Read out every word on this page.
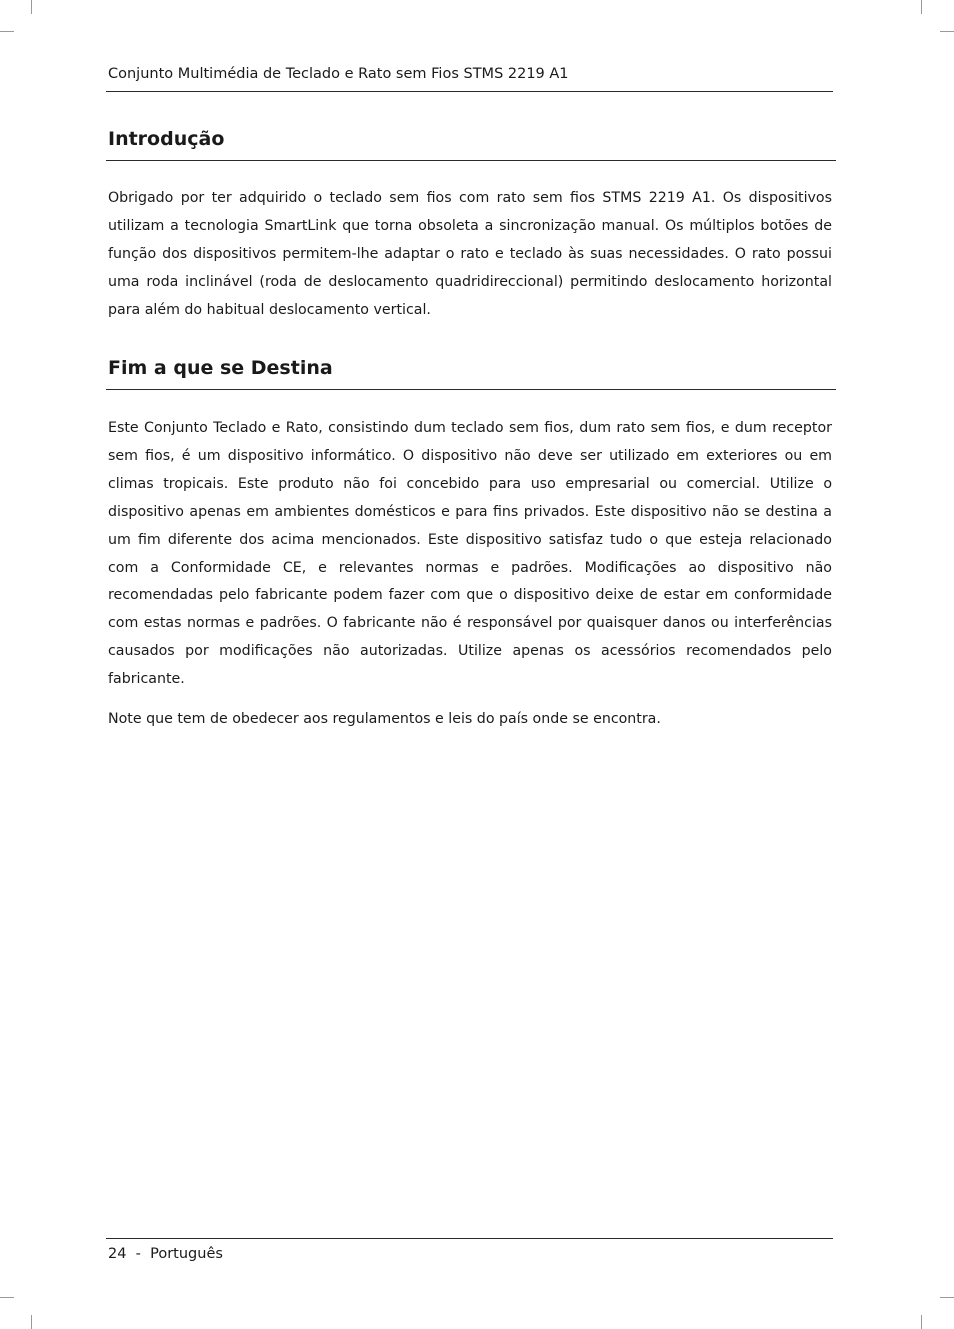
Conjunto Multimédia de Teclado e Rato sem Fios STMS 2219 A1
Introdução

Obrigado por ter adquirido o teclado sem fios com rato sem fios STMS 2219 A1. Os dispositivos utilizam a tecnologia SmartLink que torna obsoleta a sincronização manual. Os múltiplos botões de função dos dispositivos permitem-lhe adaptar o rato e teclado às suas necessidades. O rato possui uma roda inclinável (roda de deslocamento quadridireccional) permitindo deslocamento horizontal para além do habitual deslocamento vertical.

Fim a que se Destina

Este Conjunto Teclado e Rato, consistindo dum teclado sem fios, dum rato sem fios, e dum receptor sem fios, é um dispositivo informático. O dispositivo não deve ser utilizado em exteriores ou em climas tropicais. Este produto não foi concebido para uso empresarial ou comercial. Utilize o dispositivo apenas em ambientes domésticos e para fins privados. Este dispositivo não se destina a um fim diferente dos acima mencionados. Este dispositivo satisfaz tudo o que esteja relacionado com a Conformidade CE, e relevantes normas e padrões. Modificações ao dispositivo não recomendadas pelo fabricante podem fazer com que o dispositivo deixe de estar em conformidade com estas normas e padrões. O fabricante não é responsável por quaisquer danos ou interferências causados por modificações não autorizadas. Utilize apenas os acessórios recomendados pelo fabricante.

Note que tem de obedecer aos regulamentos e leis do país onde se encontra.

24  -  Português
